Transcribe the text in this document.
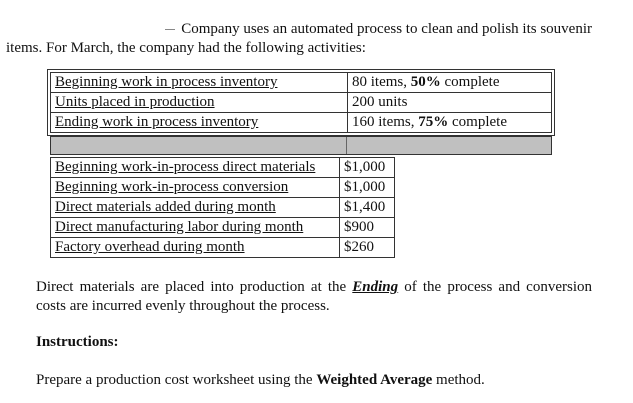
Company uses an automated process to clean and polish its souvenir
items. For March, the company had the following activities:

Beginning work in process inventory	80 items, 50% complete
Units placed in production	200 units
Ending work in process inventory	160 items, 75% complete
Beginning work-in-process direct materials	$1,000
Beginning work-in-process conversion	$1,000
Direct materials added during month	$1,400
Direct manufacturing labor during month	$900
Factory overhead during month	$260

Direct materials are placed into production at the Ending of the process and conversion costs are incurred evenly throughout the process.

Instructions:

Prepare a production cost worksheet using the Weighted Average method.
